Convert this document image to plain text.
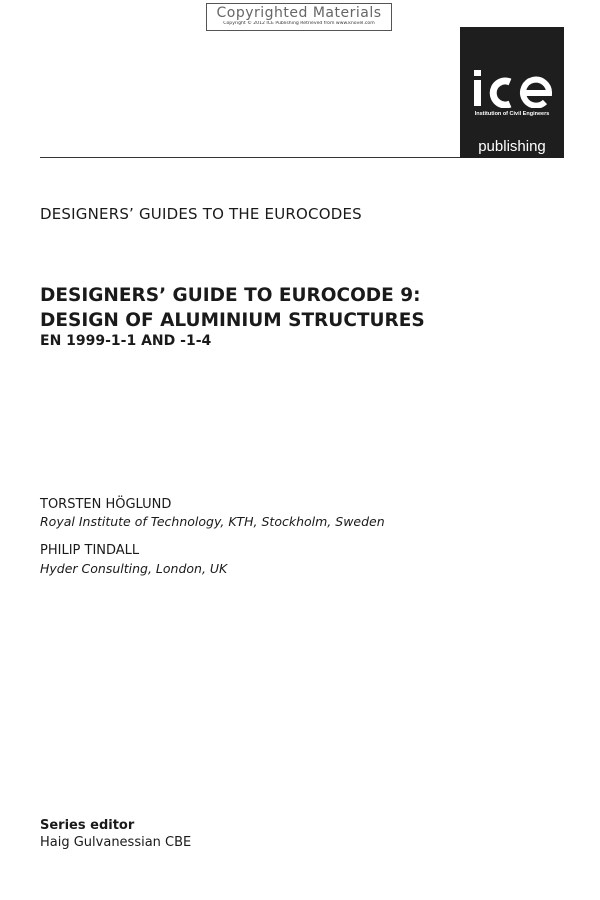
Copyrighted Materials
Copyright © 2012 ICE Publishing Retrieved from www.knovel.com
Institution of Civil Engineers
publishing
DESIGNERS’ GUIDES TO THE EUROCODES
DESIGNERS’ GUIDE TO EUROCODE 9:
DESIGN OF ALUMINIUM STRUCTURES
EN 1999-1-1 AND -1-4
TORSTEN HÖGLUND
Royal Institute of Technology, KTH, Stockholm, Sweden
PHILIP TINDALL
Hyder Consulting, London, UK
Series editor
Haig Gulvanessian CBE
